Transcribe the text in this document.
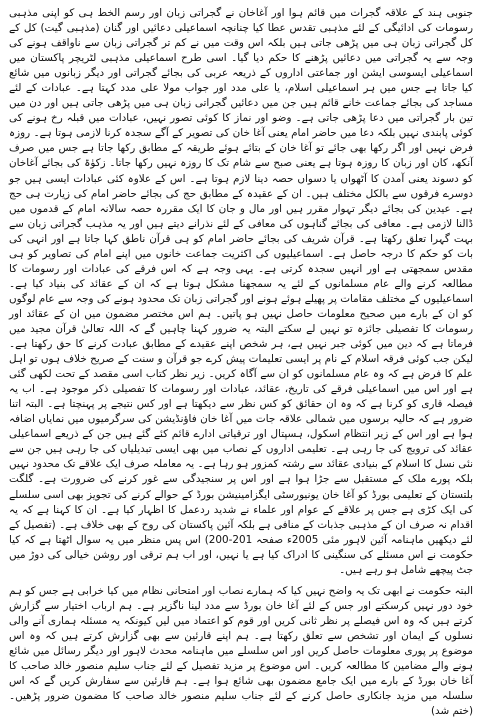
جنوبی ہند کے علاقہ گجرات میں قائم ہوا اور آغاخان نے گجراتی زبان اور رسم الخط ہی کو اپنی مذہبی رسومات کی ادائیگی کے لئے مذہبی تقدس عطا کیا چنانچہ اسماعیلی دعائیں اور گنان (مذہبی گیت) کل کے کل گجراتی زبان ہی میں پڑھی جاتی ہیں بلکہ اس وقت میں نے کم تر گجراتی زبان سے ناواقف ہونے کی وجہ سے یہ گجراتی میں دعائیں پڑھنے کا حکم دیا گیا۔ اسی طرح اسماعیلی مذہبی لٹریچر پاکستان میں اسماعیلی ایسوسی ایشن اور جماعتی اداروں کے ذریعہ عربی کی بجائے گجراتی اور دیگر زبانوں میں شائع کیا جاتا ہے جس میں ہر اسماعیلی اسلام، یا علی مدد اور جواب مولا علی مدد کہتا ہے۔ عبادات کے لئے مساجد کی بجائے جماعت خانے قائم ہیں جن میں دعائیں گجراتی زبان ہی میں پڑھی جاتی ہیں اور دن میں تین بار گجراتی میں دعا پڑھی جاتی ہے۔ وضو اور نماز کا کوئی تصور نہیں، عبادات میں قبلہ رخ ہونے کی کوئی پابندی نہیں بلکہ دعا میں حاضر امام یعنی آغا خان کی تصویر کے آگے سجدہ کرنا لازمی ہوتا ہے۔ روزہ فرض نہیں اور اگر رکھا بھی جائے تو آغا خان کے بتائے ہوئے طریقہ کے مطابق رکھا جاتا ہے جس میں صرف آنکھ، کان اور زبان کا روزہ ہوتا ہے یعنی صبح سے شام تک کا روزہ نہیں رکھا جاتا۔ زکوٰۃ کی بجائے آغاخان کو دسوند یعنی آمدن کا آٹھواں یا دسواں حصہ دینا لازم ہوتا ہے۔ اس کے علاوہ کئی عبادات ایسی ہیں جو دوسرے فرقوں سے بالکل مختلف ہیں۔ ان کے عقیدہ کے مطابق حج کی بجائے حاضر امام کی زیارت ہی حج ہے۔ عیدین کی بجائے دیگر تہوار مقرر ہیں اور مال و جان کا ایک مقررہ حصہ سالانہ امام کے قدموں میں ڈالنا لازمی ہے۔ معافی کی بجائے گناہوں کی معافی کے لئے نذرانے دیتے ہیں اور یہ مذہب گجراتی زبان سے بہت گہرا تعلق رکھتا ہے۔ قرآن شریف کی بجائے حاضر امام کو ہی قرآن ناطق کہا جاتا ہے اور انہی کی بات کو حکم کا درجہ حاصل ہے۔ اسماعیلیوں کی اکثریت جماعت خانوں میں اپنے امام کی تصاویر کو ہی مقدس سمجھتی ہے اور انہیں سجدہ کرتی ہے۔ یہی وجہ ہے کہ اس فرقے کی عبادات اور رسومات کا مطالعہ کرنے والے عام مسلمانوں کے لئے یہ سمجھنا مشکل ہوتا ہے کہ ان کے عقائد کی بنیاد کیا ہے۔ اسماعیلیوں کے مختلف مقامات پر پھیلے ہوئے ہونے اور گجراتی زبان تک محدود ہونے کی وجہ سے عام لوگوں کو ان کے بارے میں صحیح معلومات حاصل نہیں ہو پاتیں۔ ہم اس مختصر مضمون میں ان کے عقائد اور رسومات کا تفصیلی جائزہ تو نہیں لے سکتے البتہ یہ ضرور کہنا چاہیں گے کہ اللہ تعالیٰ قرآن مجید میں فرماتا ہے کہ دین میں کوئی جبر نہیں ہے، ہر شخص اپنے عقیدے کے مطابق عبادت کرنے کا حق رکھتا ہے۔ لیکن جب کوئی فرقہ اسلام کے نام پر ایسی تعلیمات پیش کرے جو قرآن و سنت کے صریح خلاف ہوں تو اہل علم کا فرض ہے کہ وہ عام مسلمانوں کو ان سے آگاہ کریں۔ زیر نظر کتاب اسی مقصد کے تحت لکھی گئی ہے اور اس میں اسماعیلی فرقے کی تاریخ، عقائد، عبادات اور رسومات کا تفصیلی ذکر موجود ہے۔ اب یہ فیصلہ قاری کو کرنا ہے کہ وہ ان حقائق کو کس نظر سے دیکھتا ہے اور کس نتیجے پر پہنچتا ہے۔ البتہ اتنا ضرور ہے کہ حالیہ برسوں میں شمالی علاقہ جات میں آغا خان فاؤنڈیشن کی سرگرمیوں میں نمایاں اضافہ ہوا ہے اور اس کے زیر انتظام اسکول، ہسپتال اور ترقیاتی ادارے قائم کئے گئے ہیں جن کے ذریعے اسماعیلی عقائد کی ترویج کی جا رہی ہے۔ تعلیمی اداروں کے نصاب میں بھی ایسی تبدیلیاں کی جا رہی ہیں جن سے نئی نسل کا اسلام کے بنیادی عقائد سے رشتہ کمزور ہو رہا ہے۔ یہ معاملہ صرف ایک علاقے تک محدود نہیں بلکہ پورے ملک کے مستقبل سے جڑا ہوا ہے اور اس پر سنجیدگی سے غور کرنے کی ضرورت ہے۔ گلگت بلتستان کے تعلیمی بورڈ کو آغا خان یونیورسٹی ایگزامینیشن بورڈ کے حوالے کرنے کی تجویز بھی اسی سلسلے کی ایک کڑی ہے جس پر علاقے کے عوام اور علماء نے شدید ردعمل کا اظہار کیا ہے۔ ان کا کہنا ہے کہ یہ اقدام نہ صرف ان کے مذہبی جذبات کے منافی ہے بلکہ آئین پاکستان کی روح کے بھی خلاف ہے۔ (تفصیل کے لئے دیکھیں ماہنامہ آئین لاہور مئی 2005ء صفحہ 201-200) اس پس منظر میں یہ سوال اٹھتا ہے کہ کیا حکومت نے اس مسئلے کی سنگینی کا ادراک کیا ہے یا نہیں، اور اب ہم ترقی اور روشن خیالی کی دوڑ میں جٹ پیچھے شامل ہو رہے ہیں۔

البتہ حکومت نے ابھی تک یہ واضح نہیں کیا کہ ہمارے نصاب اور امتحانی نظام میں کیا خرابی ہے جس کو ہم خود دور نہیں کرسکتے اور جس کے لئے آغا خان بورڈ سے مدد لینا ناگزیر ہے۔ ہم ارباب اختیار سے گزارش کرتے ہیں کہ وہ اس فیصلے پر نظر ثانی کریں اور قوم کو اعتماد میں لیں کیونکہ یہ مسئلہ ہماری آنے والی نسلوں کے ایمان اور تشخص سے تعلق رکھتا ہے۔ ہم اپنے قارئین سے بھی گزارش کرتے ہیں کہ وہ اس موضوع پر پوری معلومات حاصل کریں اور اس سلسلے میں ماہنامہ محدث لاہور اور دیگر رسائل میں شائع ہونے والے مضامین کا مطالعہ کریں۔ اس موضوع پر مزید تفصیل کے لئے جناب سلیم منصور خالد صاحب کا آغا خان بورڈ کے بارے میں ایک جامع مضمون بھی شائع ہوا ہے۔ ہم قارئین سے سفارش کریں گے کہ اس سلسلہ میں مزید جانکاری حاصل کرنے کے لئے جناب سلیم منصور خالد صاحب کا مضمون ضرور پڑھیں۔ (ختم شد)
